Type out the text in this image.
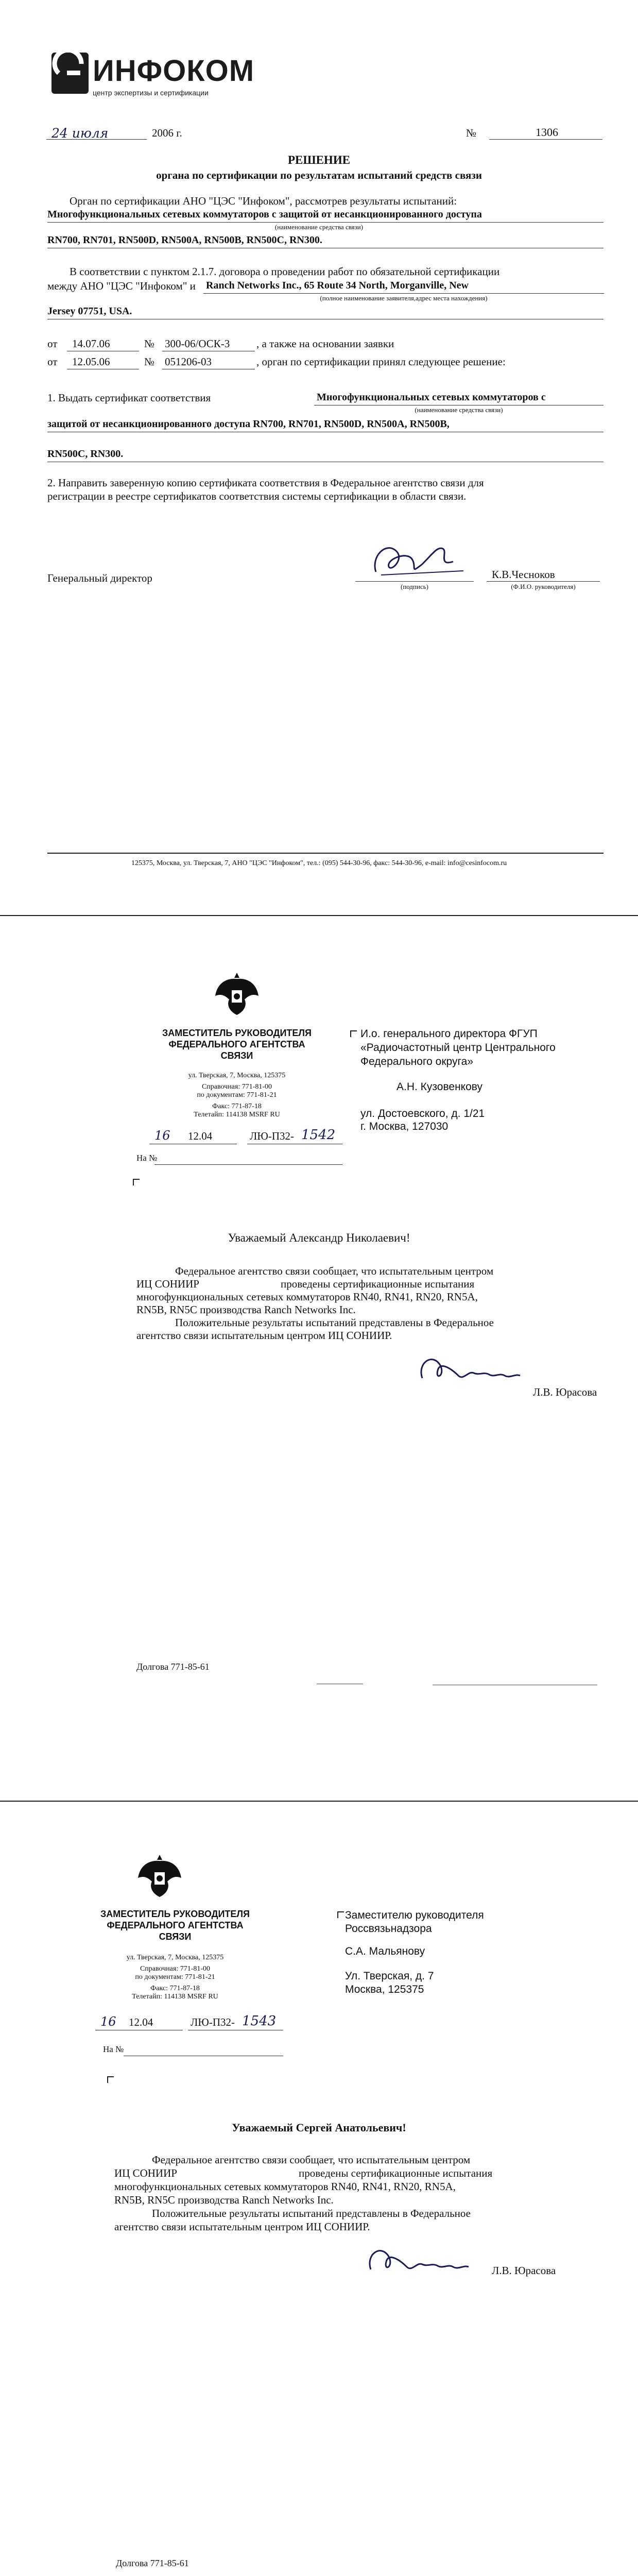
ИНФОКОМ
центр экспертизы и сертификации
24 июля	2006 г.	№	1306
РЕШЕНИЕ
органа по сертификации по результатам испытаний средств связи
Орган по сертификации АНО "ЦЭС "Инфоком", рассмотрев результаты испытаний:
Многофункциональных сетевых коммутаторов с защитой от несанкционированного доступа
(наименование средства связи)
RN700, RN701, RN500D, RN500A, RN500B, RN500C, RN300.
В соответствии с пунктом 2.1.7. договора о проведении работ по обязательной сертификации
между АНО "ЦЭС "Инфоком" и Ranch Networks Inc., 65 Route 34 North, Morganville, New
(полное наименование заявителя,адрес места нахождения)
Jersey 07751, USA.
от 14.07.06	№ 300-06/ОСК-3 , а также на основании заявки
от 12.05.06	№ 051206-03	, орган по сертификации принял следующее решение:
1. Выдать сертификат соответствия	Многофункциональных сетевых коммутаторов с
(наименование средства связи)
защитой от несанкционированного доступа RN700, RN701, RN500D, RN500A, RN500B,
RN500C, RN300.
2. Направить заверенную копию сертификата соответствия в Федеральное агентство связи для
регистрации в реестре сертификатов соответствия системы сертификации в области связи.
Генеральный директор
(подпись)
К.В.Чесноков
(Ф.И.О. руководителя)
125375, Москва, ул. Тверская, 7, АНО "ЦЭС "Инфоком", тел.: (095) 544-30-96, факс: 544-30-96, e-mail: info@cesinfocom.ru
ЗАМЕСТИТЕЛЬ РУКОВОДИТЕЛЯ
ФЕДЕРАЛЬНОГО АГЕНТСТВА
СВЯЗИ
ул. Тверская, 7, Москва, 125375
Справочная: 771-81-00
по документам: 771-81-21
Факс: 771-87-18
Телетайп: 114138 MSRF RU
16 12.04	ЛЮ-П32- 1542
На №
И.о. генерального директора ФГУП
«Радиочастотный центр Центрального
Федерального округа»
А.Н. Кузовенкову
ул. Достоевского, д. 1/21
г. Москва, 127030
Уважаемый Александр Николаевич!
Федеральное агентство связи сообщает, что испытательным центром
ИЦ СОНИИР	проведены сертификационные испытания
многофункциональных сетевых коммутаторов RN40, RN41, RN20, RN5A,
RN5B, RN5C производства Ranch Networks Inc.
Положительные результаты испытаний представлены в Федеральное
агентство связи испытательным центром ИЦ СОНИИР.
Л.В. Юрасова
Долгова 771-85-61
ЗАМЕСТИТЕЛЬ РУКОВОДИТЕЛЯ
ФЕДЕРАЛЬНОГО АГЕНТСТВА
СВЯЗИ
ул. Тверская, 7, Москва, 125375
Справочная: 771-81-00
по документам: 771-81-21
Факс: 771-87-18
Телетайп: 114138 MSRF RU
16 12.04	ЛЮ-П32- 1543
На №
Заместителю руководителя
Россвязьнадзора
С.А. Мальянову
Ул. Тверская, д. 7
Москва, 125375
Уважаемый Сергей Анатольевич!
Федеральное агентство связи сообщает, что испытательным центром
ИЦ СОНИИР	проведены сертификационные испытания
многофункциональных сетевых коммутаторов RN40, RN41, RN20, RN5A,
RN5B, RN5C производства Ranch Networks Inc.
Положительные результаты испытаний представлены в Федеральное
агентство связи испытательным центром ИЦ СОНИИР.
Л.В. Юрасова
Долгова 771-85-61
